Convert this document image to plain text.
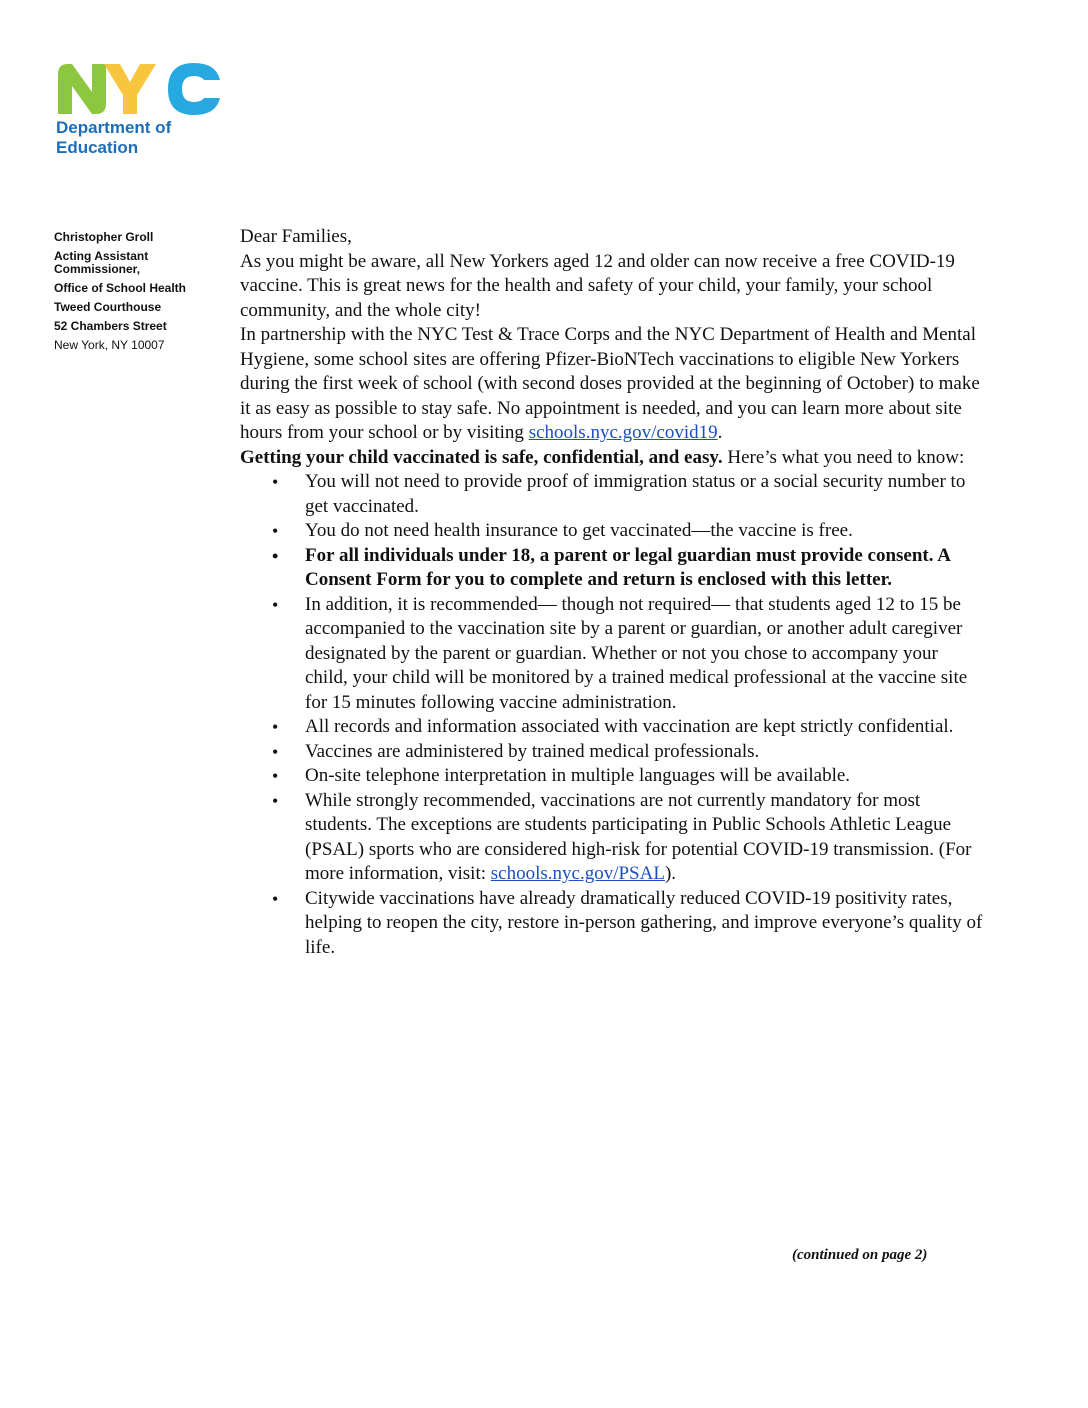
Department of
Education
Christopher Groll
Acting Assistant
Commissioner,
Office of School Health
Tweed Courthouse
52 Chambers Street
New York, NY 10007

Dear Families,

As you might be aware, all New Yorkers aged 12 and older can now receive a free COVID-19 vaccine. This is great news for the health and safety of your child, your family, your school community, and the whole city!

In partnership with the NYC Test & Trace Corps and the NYC Department of Health and Mental Hygiene, some school sites are offering Pfizer-BioNTech vaccinations to eligible New Yorkers during the first week of school (with second doses provided at the beginning of October) to make it as easy as possible to stay safe. No appointment is needed, and you can learn more about site hours from your school or by visiting schools.nyc.gov/covid19.

Getting your child vaccinated is safe, confidential, and easy. Here’s what you need to know:

• You will not need to provide proof of immigration status or a social security number to get vaccinated.
• You do not need health insurance to get vaccinated—the vaccine is free.
• For all individuals under 18, a parent or legal guardian must provide consent. A Consent Form for you to complete and return is enclosed with this letter.
• In addition, it is recommended— though not required— that students aged 12 to 15 be accompanied to the vaccination site by a parent or guardian, or another adult caregiver designated by the parent or guardian. Whether or not you chose to accompany your child, your child will be monitored by a trained medical professional at the vaccine site for 15 minutes following vaccine administration.
• All records and information associated with vaccination are kept strictly confidential.
• Vaccines are administered by trained medical professionals.
• On-site telephone interpretation in multiple languages will be available.
• While strongly recommended, vaccinations are not currently mandatory for most students. The exceptions are students participating in Public Schools Athletic League (PSAL) sports who are considered high-risk for potential COVID-19 transmission. (For more information, visit: schools.nyc.gov/PSAL).
• Citywide vaccinations have already dramatically reduced COVID-19 positivity rates, helping to reopen the city, restore in-person gathering, and improve everyone’s quality of life.
(continued on page 2)
